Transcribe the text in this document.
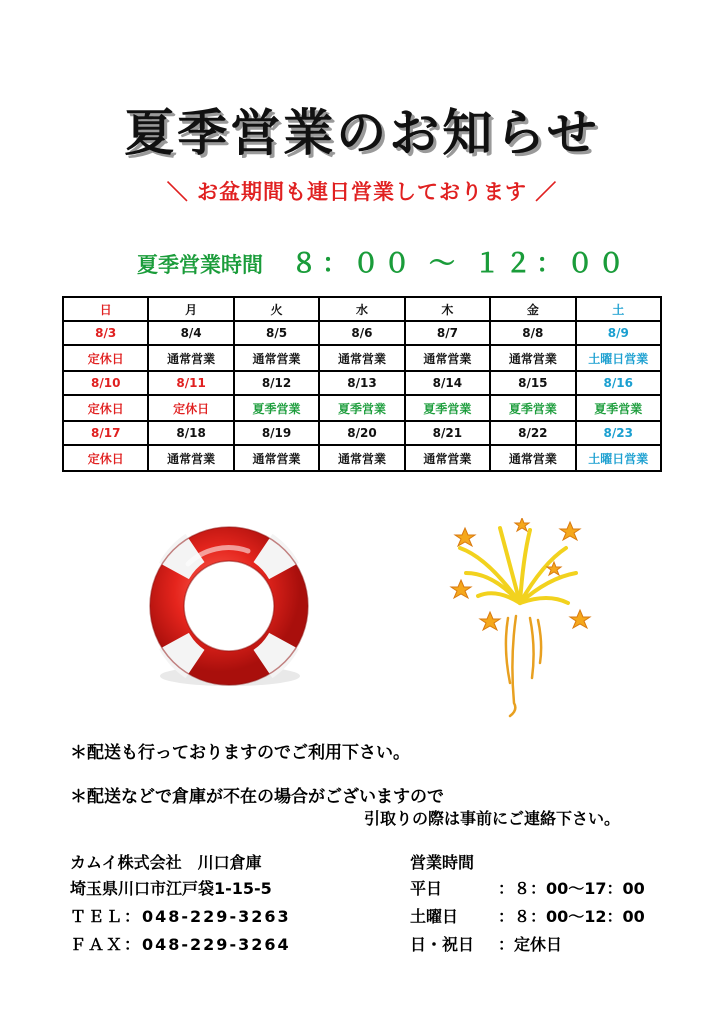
夏季営業のお知らせ
＼ お盆期間も連日営業しております ／
夏季営業時間 ８：００ ～ １２：００
日	月	火	水	木	金	土
8/3	8/4	8/5	8/6	8/7	8/8	8/9
定休日	通常営業	通常営業	通常営業	通常営業	通常営業	土曜日営業
8/10	8/11	8/12	8/13	8/14	8/15	8/16
定休日	定休日	夏季営業	夏季営業	夏季営業	夏季営業	夏季営業
8/17	8/18	8/19	8/20	8/21	8/22	8/23
定休日	通常営業	通常営業	通常営業	通常営業	通常営業	土曜日営業
＊配送も行っておりますのでご利用下さい。
＊配送などで倉庫が不在の場合がございますので
引取りの際は事前にご連絡下さい。
カムイ株式会社　川口倉庫
埼玉県川口市江戸袋1-15-5
ＴＥＬ：048-229-3263
ＦＡＸ：048-229-3264
営業時間
平日	：８：00～17：00
土曜日 ：８：00～12：00
日・祝日 ：定休日
